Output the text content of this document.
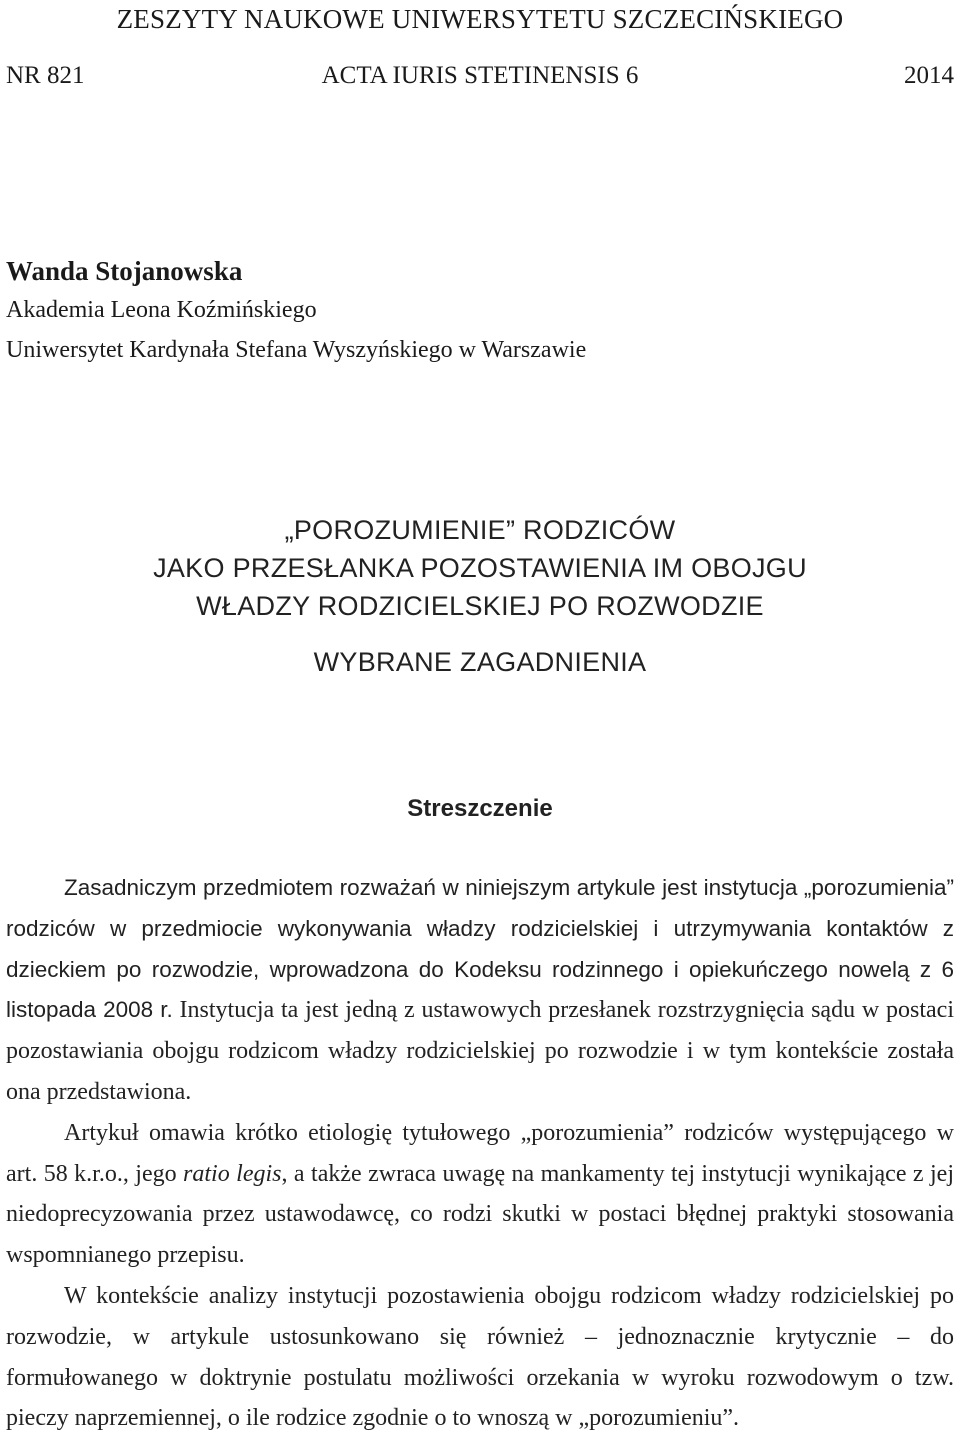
ZESZYTY NAUKOWE UNIWERSYTETU SZCZECIŃSKIEGO
ACTA IURIS STETINENSIS 6
NR 821	2014
Wanda Stojanowska
Akademia Leona Koźmińskiego
Uniwersytet Kardynała Stefana Wyszyńskiego w Warszawie
„POROZUMIENIE” RODZICÓW
JAKO PRZESŁANKA POZOSTAWIENIA IM OBOJGU
WŁADZY RODZICIELSKIEJ PO ROZWODZIE
WYBRANE ZAGADNIENIA
Streszczenie

Zasadniczym przedmiotem rozważań w niniejszym artykule jest instytucja „porozumienia” rodziców w przedmiocie wykonywania władzy rodzicielskiej i utrzymywania kontaktów z dzieckiem po rozwodzie, wprowadzona do Kodeksu rodzinnego i opiekuńczego nowelą z 6 listopada 2008 r. Instytucja ta jest jedną z ustawowych przesłanek rozstrzygnięcia sądu w postaci pozostawiania obojgu rodzicom władzy rodzicielskiej po rozwodzie i w tym kontekście została ona przedstawiona.

Artykuł omawia krótko etiologię tytułowego „porozumienia” rodziców występującego w art. 58 k.r.o., jego ratio legis, a także zwraca uwagę na mankamenty tej instytucji wynikające z jej niedoprecyzowania przez ustawodawcę, co rodzi skutki w postaci błędnej praktyki stosowania wspomnianego przepisu.

W kontekście analizy instytucji pozostawienia obojgu rodzicom władzy rodzicielskiej po rozwodzie, w artykule ustosunkowano się również – jednoznacznie krytycznie – do formułowanego w doktrynie postulatu możliwości orzekania w wyroku rozwodowym o tzw. pieczy naprzemiennej, o ile rodzice zgodnie o to wnoszą w „porozumieniu”.
